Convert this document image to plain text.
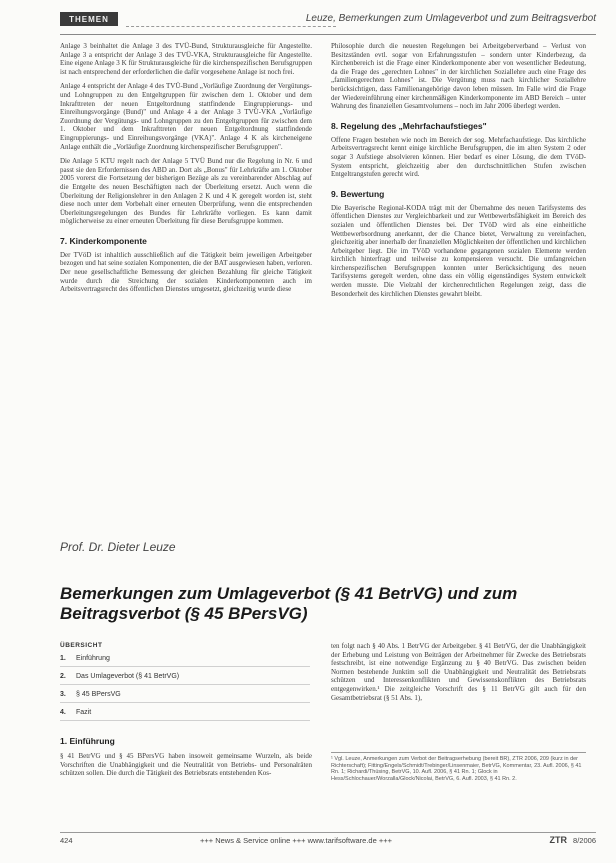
THEMEN	Leuze, Bemerkungen zum Umlageverbot und zum Beitragsverbot

Anlage 3 beinhaltet die Anlage 3 des TVÜ-Bund, Strukturausgleiche für Angestellte. Anlage 3 a entspricht der Anlage 3 des TVÜ-VKA, Strukturausgleiche für Angestellte. Eine eigene Anlage 3 K für Strukturausgleiche für die kirchenspezifischen Berufsgruppen ist nach entsprechend der erforderlichen die dafür vorgesehene Anlage ist noch frei.

Anlage 4 entspricht der Anlage 4 des TVÜ-Bund „Vorläufige Zuordnung der Vergütungs- und Lohngruppen zu den Entgeltgruppen für zwischen dem 1. Oktober und dem Inkrafttreten der neuen Entgeltordnung stattfindende Eingruppierungs- und Einreihungsvorgänge (Bund)" und Anlage 4 a der Anlage 3 TVÜ-VKA „Vorläufige Zuordnung der Vergütungs- und Lohngruppen zu den Entgeltgruppen für zwischen dem 1. Oktober und dem Inkrafttreten der neuen Entgeltordnung stattfindende Eingruppierungs- und Einreihungsvorgänge (VKA)". Anlage 4 K als kircheneigene Anlage enthält die „Vorläufige Zuordnung kirchenspezifischer Berufsgruppen".

Die Anlage 5 KTU regelt nach der Anlage 5 TVÜ Bund nur die Regelung in Nr. 6 und passt sie den Erfordernissen des ABD an. Dort als „Bonus" für Lehrkräfte am 1. Oktober 2005 vorerst die Fortsetzung der bisherigen Bezüge als zu vereinbarender Abschlag auf die Entgelte des neuen Beschäftigten nach der Überleitung ersetzt. Auch wenn die Überleitung der Religionslehrer in den Anlagen 2 K und 4 K geregelt worden ist, steht diese noch unter dem Vorbehalt einer erneuten Überprüfung, wenn die entsprechenden Überleitungsregelungen des Bundes für Lehrkräfte vorliegen. Es kann damit möglicherweise zu einer erneuten Überleitung für diese Berufsgruppe kommen.

7. Kinderkomponente

Der TVöD ist inhaltlich ausschließlich auf die Tätigkeit beim jeweiligen Arbeitgeber bezogen und hat seine sozialen Komponenten, die der BAT ausgewiesen haben, verloren. Der neue gesellschaftliche Bemessung der gleichen Bezahlung für gleiche Tätigkeit wurde durch die Streichung der sozialen Kinderkomponenten auch im Arbeitsvertragsrecht des öffentlichen Dienstes umgesetzt, gleichzeitig wurde diese

Philosophie durch die neuesten Regelungen bei Arbeitgeberverband – Verlust von Besitzständen evtl. sogar von Erfahrungsstufen – sondern unter Kinderbezug, da Kirchenbereich ist die Frage einer Kinderkomponente aber von wesentlicher Bedeutung, da die Frage des „gerechten Lohnes" in der kirchlichen Soziallehre auch eine Frage des „familiengerechten Lohnes" ist. Die Vergütung muss nach kirchlicher Soziallehre berücksichtigen, dass Familienangehörige davon leben müssen. Im Falle wird die Frage der Wiedereinführung einer kirchenmäßigen Kinderkomponente im ABD Bereich – unter Wahrung des finanziellen Gesamtvolumens – noch im Jahr 2006 überlegt werden.

8. Regelung des „Mehrfachaufstieges"

Offene Fragen bestehen wie noch im Bereich der sog. Mehrfachaufstiege. Das kirchliche Arbeitsvertragsrecht kennt einige kirchliche Berufsgruppen, die im alten System 2 oder sogar 3 Aufstiege absolvieren können. Hier bedarf es einer Lösung, die dem TVöD-System entspricht, gleichzeitig aber den durchschnittlichen Stufen zwischen Entgeltrangstufen gerecht wird.

9. Bewertung

Die Bayerische Regional-KODA trägt mit der Übernahme des neuen Tarifsystems des öffentlichen Dienstes zur Vergleichbarkeit und zur Wettbewerbsfähigkeit im Bereich des sozialen und öffentlichen Dienstes bei. Der TVöD wird als eine einheitliche Wettbewerbsordnung anerkannt, der die Chance bietet, Verwaltung zu vereinfachen, gleichzeitig aber innerhalb der finanziellen Möglichkeiten der öffentlichen und kirchlichen Arbeitgeber liegt. Die im TVöD vorhandene gegangenen sozialen Elemente werden kirchlich hinterfragt und teilweise zu kompensieren versucht. Die umfangreichen kirchenspezifischen Berufsgruppen konnten unter Berücksichtigung des neuen Tarifsystems geregelt werden, ohne dass ein völlig eigenständiges System entwickelt werden musste. Die Vielzahl der kirchenrechtlichen Regelungen zeigt, dass die Besonderheit des kirchlichen Dienstes gewahrt bleibt.

Prof. Dr. Dieter Leuze
Bemerkungen zum Umlageverbot (§ 41 BetrVG) und zum Beitragsverbot (§ 45 BPersVG)
ÜBERSICHT
1. Einführung
2. Das Umlageverbot (§ 41 BetrVG)
3. § 45 BPersVG
4. Fazit
1. Einführung
§ 41 BetrVG und § 45 BPersVG haben insoweit gemeinsame Wurzeln, als beide Vorschriften die Unabhängigkeit und die Neutralität von Betriebs- und Personalräten schützen sollen. Die durch die Tätigkeit des Betriebsrats entstehenden Kos-
ten folgt nach § 40 Abs. 1 BetrVG der Arbeitgeber. § 41 BetrVG, der die Unabhängigkeit der Erhebung und Leistung von Beiträgen der Arbeitnehmer für Zwecke des Betriebsrats festschreibt, ist eine notwendige Ergänzung zu § 40 BetrVG. Das zwischen beiden Normen bestehende Junktim soll die Unabhängigkeit und Neutralität des Betriebsrats schützen und Interessenkonflikten und Gewissenskonflikten des Betriebsrats entgegenwirken.¹ Die zeitgleiche Vorschrift des § 11 BetrVG gilt auch für den Gesamtbetriebsrat (§ 51 Abs. 1),
¹ Vgl. Leuze, Anmerkungen zum Verbot der Beitragserhebung (bereit BR), ZTR 2006, 209 (kurz in der Richterschaft); Fitting/Engels/Schmidt/Trebinger/Linsenmaier, BetrVG, Kommentar, 23. Aufl. 2006, § 41 Rn. 1; Richardi/Thüsing, BetrVG, 10. Aufl. 2006, § 41 Rn. 1; Glock in Hess/Schlochauer/Worzalla/Glock/Nicolai, BetrVG, 6. Aufl. 2003, § 41 Rn. 2.
424	+++ News & Service online +++ www.tarifsoftware.de +++	ZTR 8/2006
